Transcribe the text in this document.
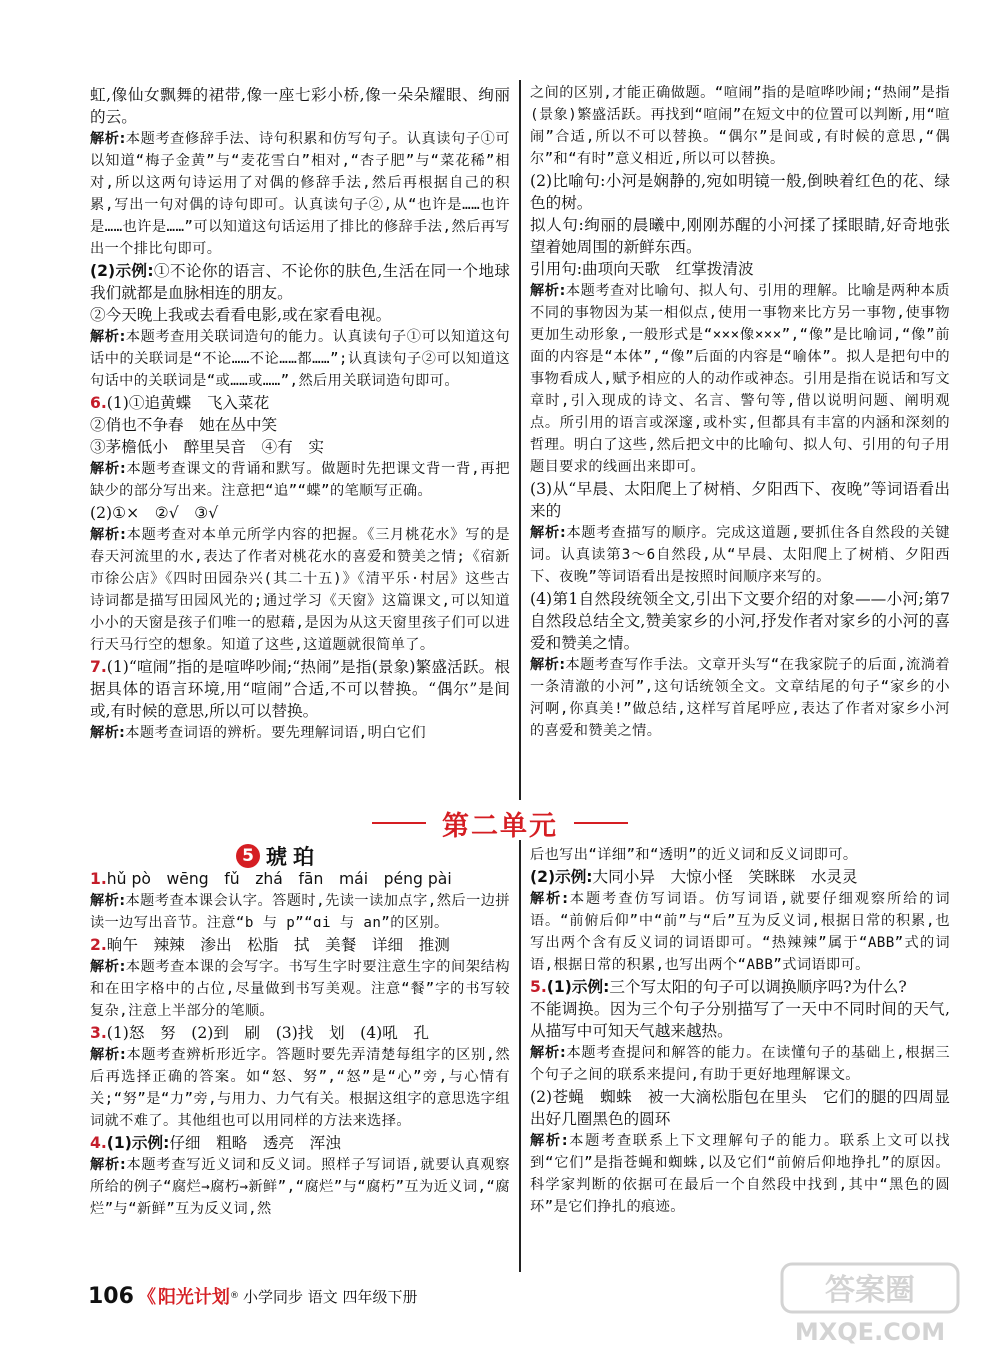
虹,像仙女飘舞的裙带,像一座七彩小桥,像一朵朵耀眼、绚丽的云。

解析:本题考查修辞手法、诗句积累和仿写句子。认真读句子①可以知道“梅子金黄”与“麦花雪白”相对,“杏子肥”与“菜花稀”相对,所以这两句诗运用了对偶的修辞手法,然后再根据自己的积累,写出一句对偶的诗句即可。认真读句子②,从“也许是……也许是……也许是……”可以知道这句话运用了排比的修辞手法,然后再写出一个排比句即可。

(2)示例:①不论你的语言、不论你的肤色,生活在同一个地球我们就都是血脉相连的朋友。

②今天晚上我或去看看电影,或在家看电视。

解析:本题考查用关联词造句的能力。认真读句子①可以知道这句话中的关联词是“不论……不论……都……”;认真读句子②可以知道这句话中的关联词是“或……或……”,然后用关联词造句即可。

6.(1)①追黄蝶　飞入菜花

②俏也不争春　她在丛中笑

③茅檐低小　醉里吴音　④有　实

解析:本题考查课文的背诵和默写。做题时先把课文背一背,再把缺少的部分写出来。注意把“追”“蝶”的笔顺写正确。

(2)①×　②√　③√

解析:本题考查对本单元所学内容的把握。《三月桃花水》写的是春天河流里的水,表达了作者对桃花水的喜爱和赞美之情;《宿新市徐公店》《四时田园杂兴(其二十五)》《清平乐·村居》这些古诗词都是描写田园风光的;通过学习《天窗》这篇课文,可以知道小小的天窗是孩子们唯一的慰藉,是因为从这天窗里孩子们可以进行天马行空的想象。知道了这些,这道题就很简单了。

7.(1)“喧闹”指的是喧哗吵闹;“热闹”是指(景象)繁盛活跃。根据具体的语言环境,用“喧闹”合适,不可以替换。“偶尔”是间或,有时候的意思,所以可以替换。

解析:本题考查词语的辨析。要先理解词语,明白它们

之间的区别,才能正确做题。“喧闹”指的是喧哗吵闹;“热闹”是指(景象)繁盛活跃。再找到“喧闹”在短文中的位置可以判断,用“喧闹”合适,所以不可以替换。“偶尔”是间或,有时候的意思,“偶尔”和“有时”意义相近,所以可以替换。

(2)比喻句:小河是娴静的,宛如明镜一般,倒映着红色的花、绿色的树。

拟人句:绚丽的晨曦中,刚刚苏醒的小河揉了揉眼睛,好奇地张望着她周围的新鲜东西。

引用句:曲项向天歌　红掌拨清波

解析:本题考查对比喻句、拟人句、引用的理解。比喻是两种本质不同的事物因为某一相似点,使用一事物来比方另一事物,使事物更加生动形象,一般形式是“×××像×××”,“像”是比喻词,“像”前面的内容是“本体”,“像”后面的内容是“喻体”。拟人是把句中的事物看成人,赋予相应的人的动作或神态。引用是指在说话和写文章时,引入现成的诗文、名言、警句等,借以说明问题、阐明观点。所引用的语言或深邃,或朴实,但都具有丰富的内涵和深刻的哲理。明白了这些,然后把文中的比喻句、拟人句、引用的句子用题目要求的线画出来即可。

(3)从“早晨、太阳爬上了树梢、夕阳西下、夜晚”等词语看出来的

解析:本题考查描写的顺序。完成这道题,要抓住各自然段的关键词。认真读第3～6自然段,从“早晨、太阳爬上了树梢、夕阳西下、夜晚”等词语看出是按照时间顺序来写的。

(4)第1自然段统领全文,引出下文要介绍的对象——小河;第7自然段总结全文,赞美家乡的小河,抒发作者对家乡的小河的喜爱和赞美之情。

解析:本题考查写作手法。文章开头写“在我家院子的后面,流淌着一条清澈的小河”,这句话统领全文。文章结尾的句子“家乡的小河啊,你真美!”做总结,这样写首尾呼应,表达了作者对家乡小河的喜爱和赞美之情。

第二单元
5 琥珀

1.hǔ pò　wēng　fǔ　zhá　fān　mái　péng pài

解析:本题考查本课会认字。答题时,先读一读加点字,然后一边拼读一边写出音节。注意“b 与 p”“ɑi 与 an”的区别。

2.晌午　辣辣　渗出　松脂　拭　美餐　详细　推测

解析:本题考查本课的会写字。书写生字时要注意生字的间架结构和在田字格中的占位,尽量做到书写美观。注意“餐”字的书写较复杂,注意上半部分的笔顺。

3.(1)怒　努　(2)到　刷　(3)找　划　(4)吼　孔

解析:本题考查辨析形近字。答题时要先弄清楚每组字的区别,然后再选择正确的答案。如“怒、努”,“怒”是“心”旁,与心情有关;“努”是“力”旁,与用力、力气有关。根据这组字的意思选字组词就不难了。其他组也可以用同样的方法来选择。

4.(1)示例:仔细　粗略　透亮　浑浊

解析:本题考查写近义词和反义词。照样子写词语,就要认真观察所给的例子“腐烂→腐朽→新鲜”,“腐烂”与“腐朽”互为近义词,“腐烂”与“新鲜”互为反义词,然

后也写出“详细”和“透明”的近义词和反义词即可。

(2)示例:大同小异　大惊小怪　笑眯眯　水灵灵

解析:本题考查仿写词语。仿写词语,就要仔细观察所给的词语。“前俯后仰”中“前”与“后”互为反义词,根据日常的积累,也写出两个含有反义词的词语即可。“热辣辣”属于“ABB”式的词语,根据日常的积累,也写出两个“ABB”式词语即可。

5.(1)示例:三个写太阳的句子可以调换顺序吗?为什么?

不能调换。因为三个句子分别描写了一天中不同时间的天气,从描写中可知天气越来越热。

解析:本题考查提问和解答的能力。在读懂句子的基础上,根据三个句子之间的联系来提问,有助于更好地理解课文。

(2)苍蝇　蜘蛛　被一大滴松脂包在里头　它们的腿的四周显出好几圈黑色的圆环

解析:本题考查联系上下文理解句子的能力。联系上文可以找到“它们”是指苍蝇和蜘蛛,以及它们“前俯后仰地挣扎”的原因。科学家判断的依据可在最后一个自然段中找到,其中“黑色的圆环”是它们挣扎的痕迹。

106 《 阳光计划 ® 小学同步 语文 四年级下册	答案圈
MXQE.COM
